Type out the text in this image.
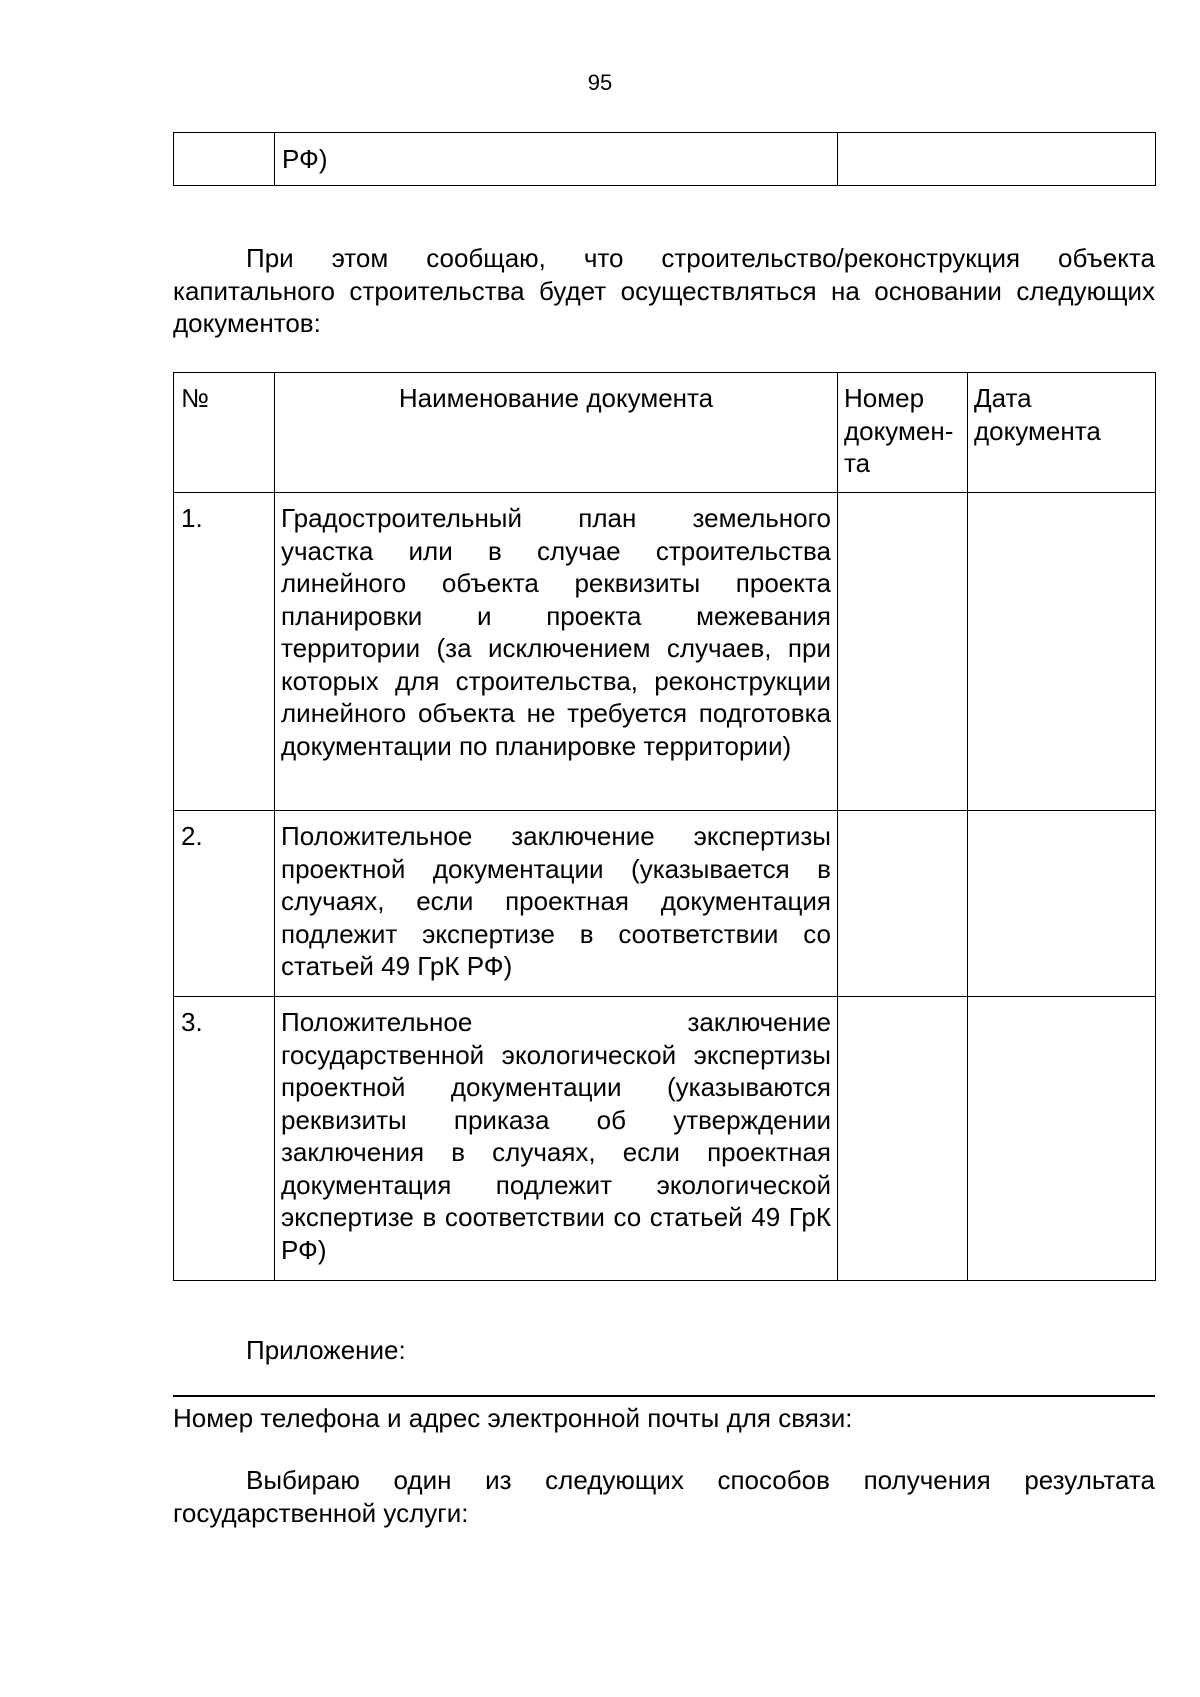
95
	РФ)	

При этом сообщаю, что строительство/реконструкция объекта капитального строительства будет осуществляться на основании следующих документов:

№	Наименование документа	Номер докумен-та	Дата документа
1.	Градостроительный план земельного участка или в случае строительства линейного объекта реквизиты проекта планировки и проекта межевания территории (за исключением случаев, при которых для строительства, реконструкции линейного объекта не требуется подготовка документации по планировке территории)		
2.	Положительное заключение экспертизы проектной документации (указывается в случаях, если проектная документация подлежит экспертизе в соответствии со статьей 49 ГрК РФ)		
3.	Положительное заключение государственной экологической экспертизы проектной документации (указываются реквизиты приказа об утверждении заключения в случаях, если проектная документация подлежит экологической экспертизе в соответствии со статьей 49 ГрК РФ)		

Приложение:

Номер телефона и адрес электронной почты для связи:

Выбираю один из следующих способов получения результата государственной услуги:
